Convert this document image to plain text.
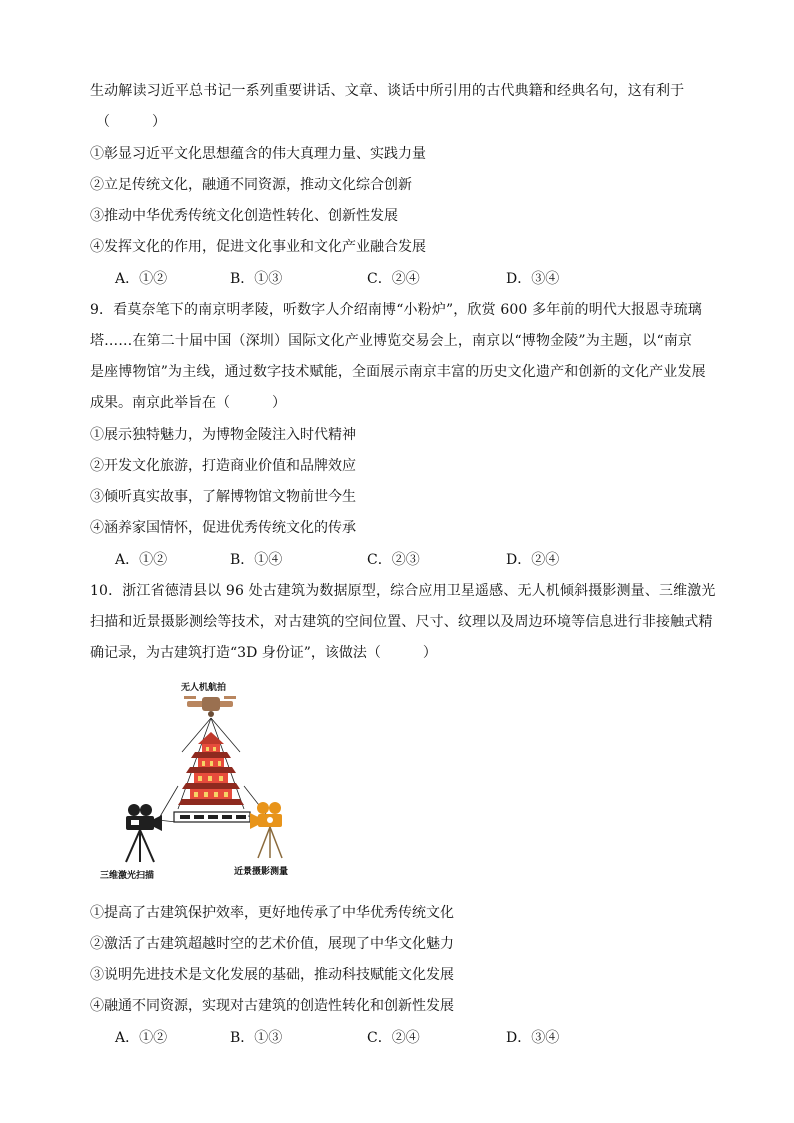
生动解读习近平总书记一系列重要讲话、文章、谈话中所引用的古代典籍和经典名句，这有利于
（　　　）
①彰显习近平文化思想蕴含的伟大真理力量、实践力量
②立足传统文化，融通不同资源，推动文化综合创新
③推动中华优秀传统文化创造性转化、创新性发展
④发挥文化的作用，促进文化事业和文化产业融合发展
A．①②	B．①③	C．②④	D．③④
9．看莫奈笔下的南京明孝陵，听数字人介绍南博“小粉炉”，欣赏 600 多年前的明代大报恩寺琉璃
塔……在第二十届中国（深圳）国际文化产业博览交易会上，南京以“博物金陵”为主题，以“南京
是座博物馆”为主线，通过数字技术赋能，全面展示南京丰富的历史文化遗产和创新的文化产业发展
成果。南京此举旨在（　　　）
①展示独特魅力，为博物金陵注入时代精神
②开发文化旅游，打造商业价值和品牌效应
③倾听真实故事，了解博物馆文物前世今生
④涵养家国情怀，促进优秀传统文化的传承
A．①②	B．①④	C．②③	D．②④
10．浙江省德清县以 96 处古建筑为数据原型，综合应用卫星遥感、无人机倾斜摄影测量、三维激光
扫描和近景摄影测绘等技术，对古建筑的空间位置、尺寸、纹理以及周边环境等信息进行非接触式精
确记录，为古建筑打造“3D 身份证”，该做法（　　　）
无人机航拍
三维激光扫描	近景摄影测量
①提高了古建筑保护效率，更好地传承了中华优秀传统文化
②激活了古建筑超越时空的艺术价值，展现了中华文化魅力
③说明先进技术是文化发展的基础，推动科技赋能文化发展
④融通不同资源，实现对古建筑的创造性转化和创新性发展
A．①②	B．①③	C．②④	D．③④
